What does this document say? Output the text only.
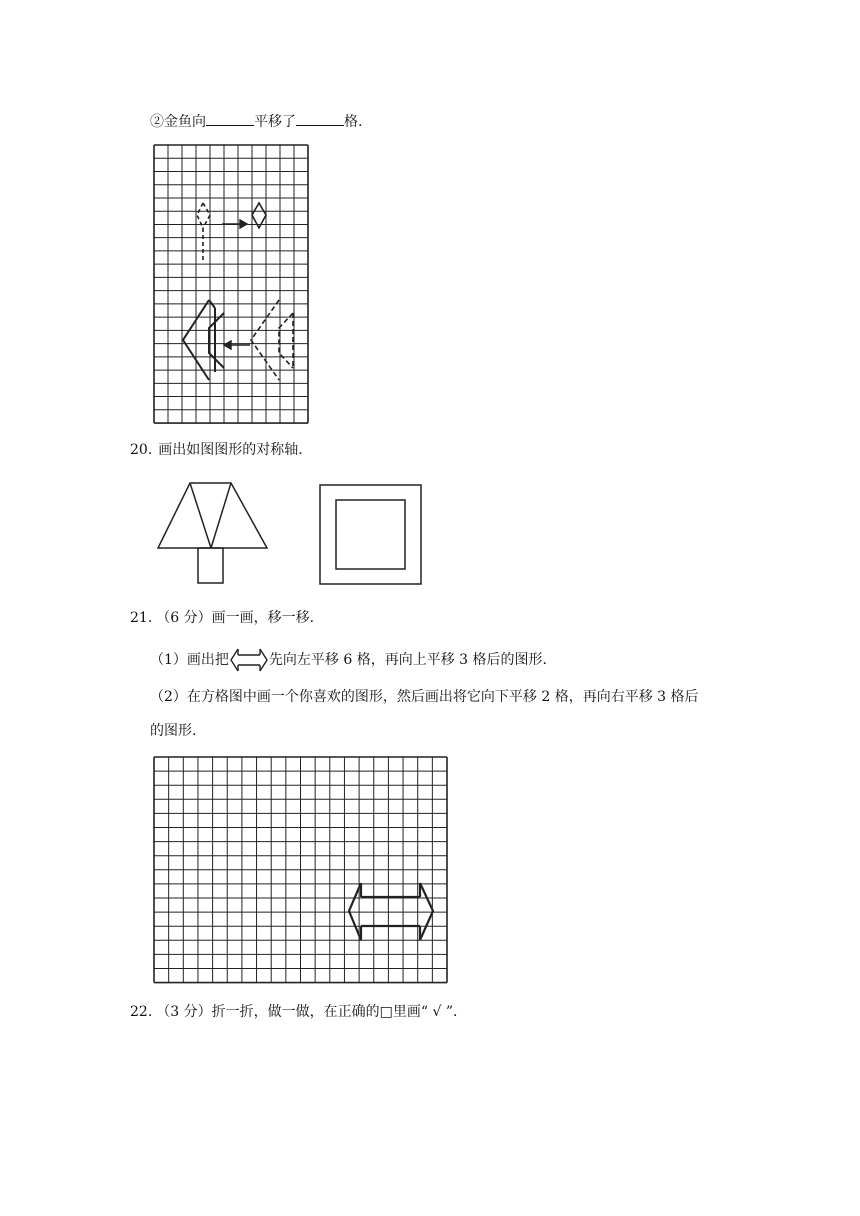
②金鱼向	平移了	格.
20. 画出如图图形的对称轴.
21. （6 分）画一画，移一移.
（1）画出把	先向左平移 6 格，再向上平移 3 格后的图形.
（2）在方格图中画一个你喜欢的图形，然后画出将它向下平移 2 格，再向右平移 3 格后
的图形.
22. （3 分）折一折，做一做，在正确的□里画“ √ ”.
